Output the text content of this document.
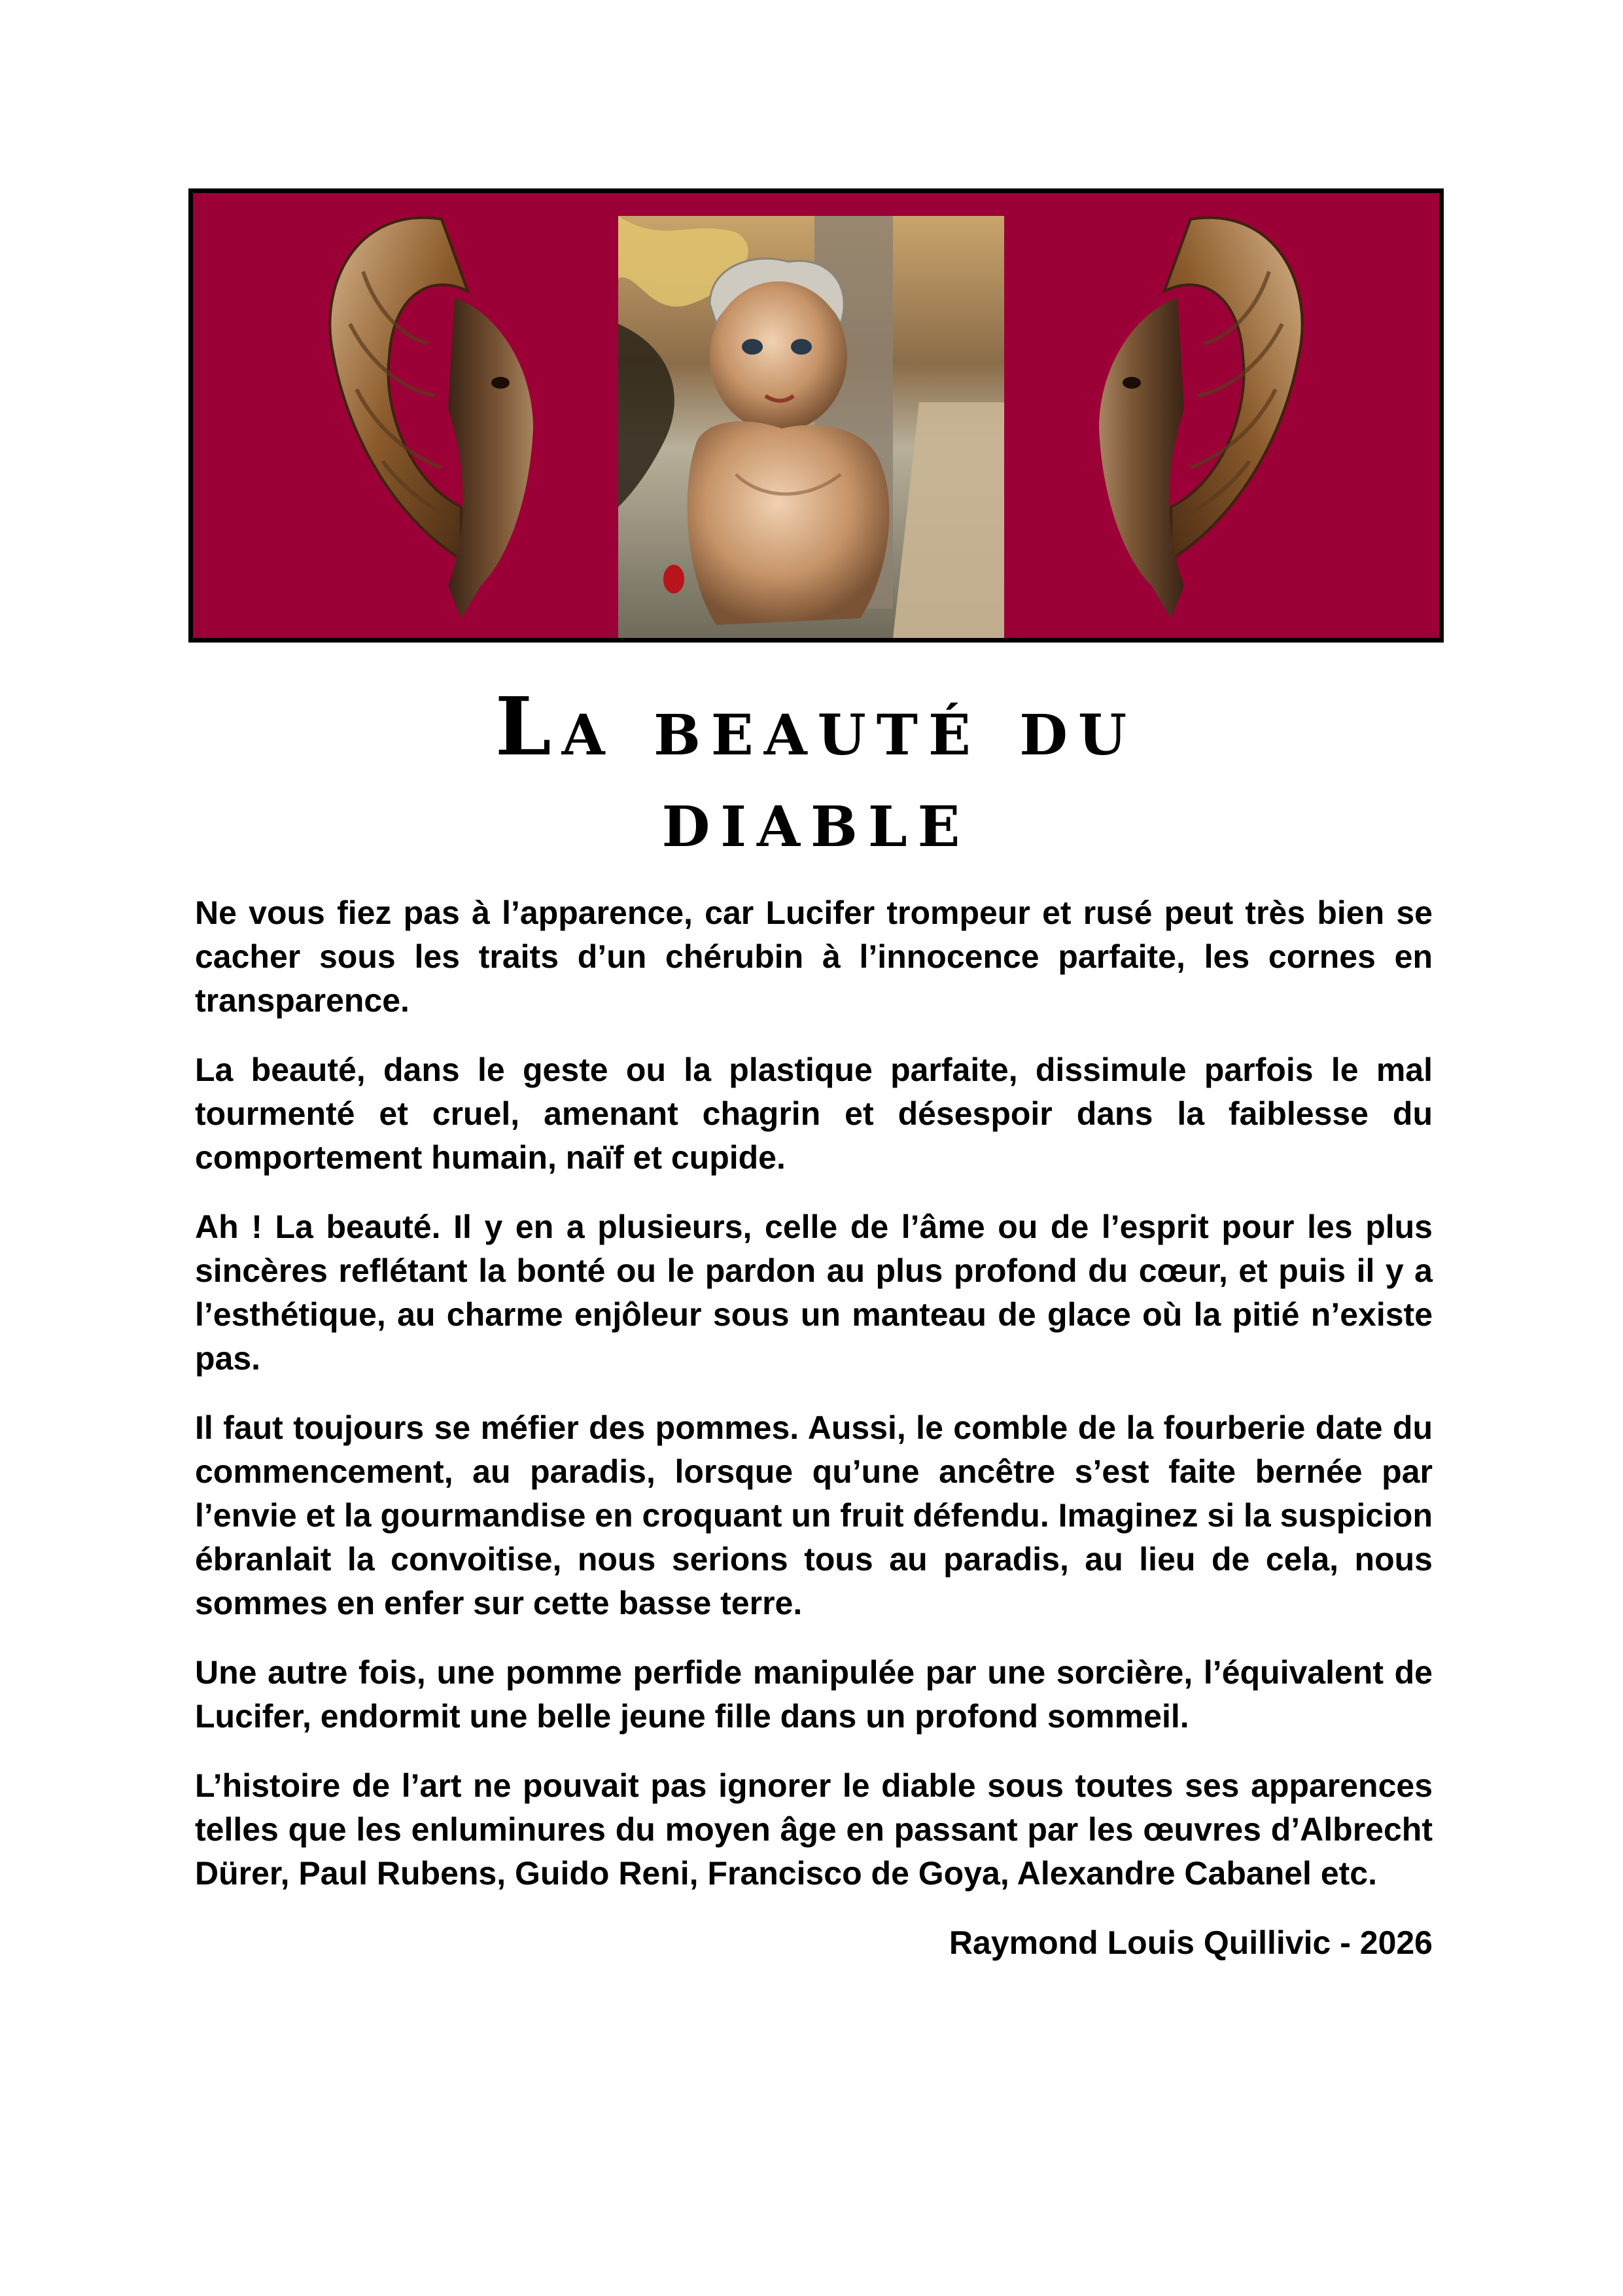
La beauté du
diable

Ne vous fiez pas à l’apparence, car Lucifer trompeur et rusé peut très bien se cacher sous les traits d’un chérubin à l’innocence parfaite, les cornes en transparence.

La beauté, dans le geste ou la plastique parfaite, dissimule parfois le mal tourmenté et cruel, amenant chagrin et désespoir dans la faiblesse du comportement humain, naïf et cupide.

Ah ! La beauté. Il y en a plusieurs, celle de l’âme ou de l’esprit pour les plus sincères reflétant la bonté ou le pardon au plus profond du cœur, et puis il y a l’esthétique, au charme enjôleur sous un manteau de glace où la pitié n’existe pas.

Il faut toujours se méfier des pommes. Aussi, le comble de la fourberie date du commencement, au paradis, lorsque qu’une ancêtre s’est faite bernée par l’envie et la gourmandise en croquant un fruit défendu. Imaginez si la suspicion ébranlait la convoitise, nous serions tous au paradis, au lieu de cela, nous sommes en enfer sur cette basse terre.

Une autre fois, une pomme perfide manipulée par une sorcière, l’équivalent de Lucifer, endormit une belle jeune fille dans un profond sommeil.

L’histoire de l’art ne pouvait pas ignorer le diable sous toutes ses apparences telles que les enluminures du moyen âge en passant par les œuvres d’Albrecht Dürer, Paul Rubens, Guido Reni, Francisco de Goya, Alexandre Cabanel etc.

Raymond Louis Quillivic - 2026
